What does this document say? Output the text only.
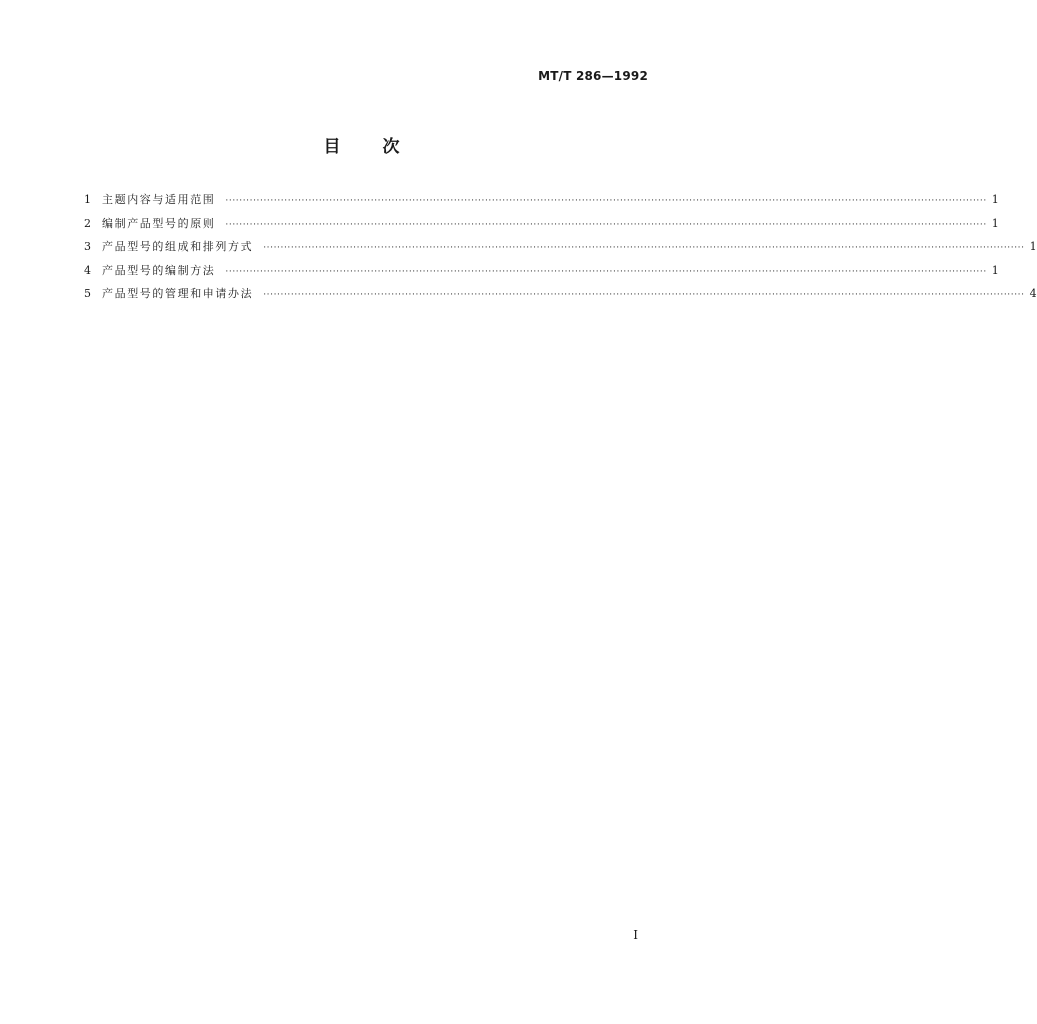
MT/T 286—1992
目 次
1	主题内容与适用范围	···························································································································································································································· 1
2	编制产品型号的原则	···························································································································································································································· 1
3	产品型号的组成和排列方式	···························································································································································································································· 1
4	产品型号的编制方法	···························································································································································································································· 1
5	产品型号的管理和申请办法	···························································································································································································································· 4
I
